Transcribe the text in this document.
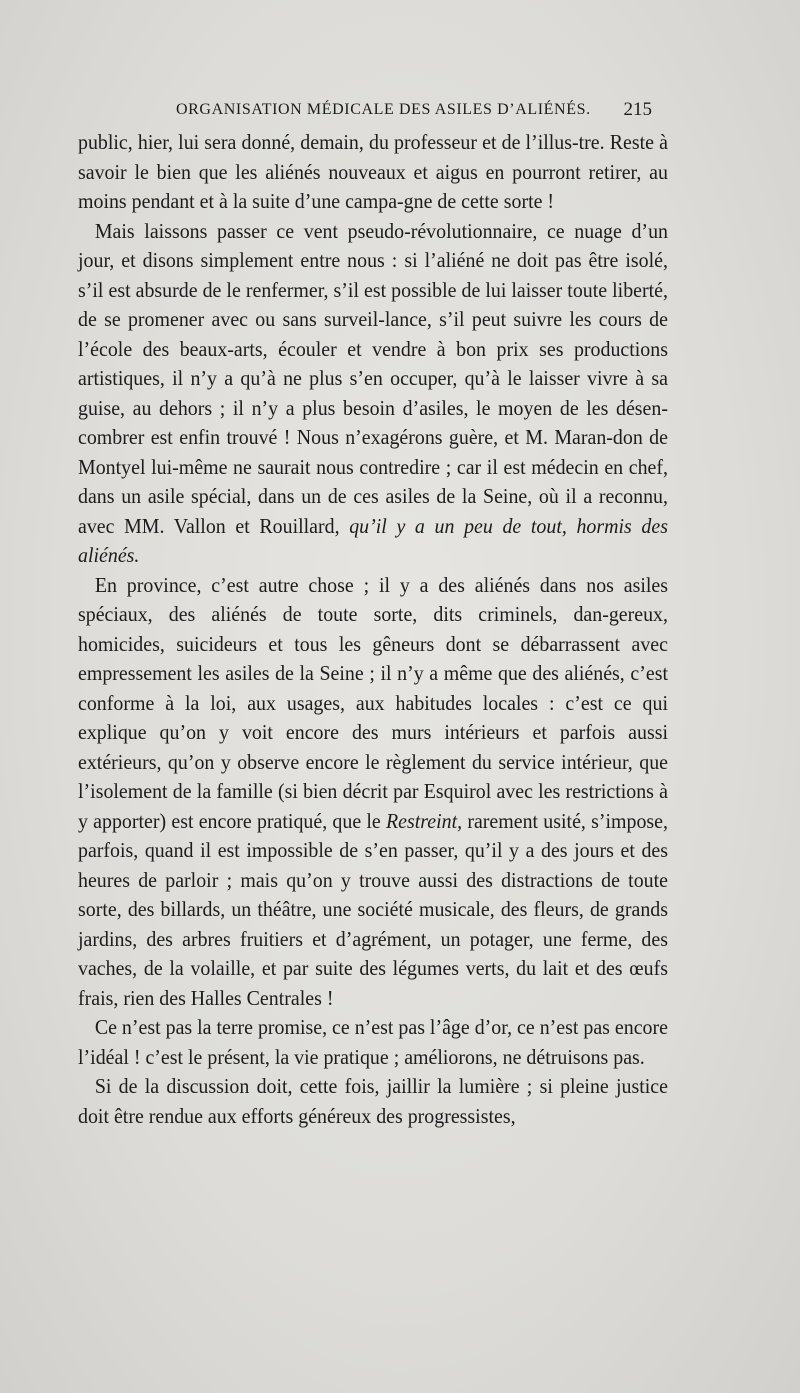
ORGANISATION MÉDICALE DES ASILES D’ALIÉNÉS. 215

public, hier, lui sera donné, demain, du professeur et de l’illus-tre. Reste à savoir le bien que les aliénés nouveaux et aigus en pourront retirer, au moins pendant et à la suite d’une campa-gne de cette sorte !

Mais laissons passer ce vent pseudo-révolutionnaire, ce nuage d’un jour, et disons simplement entre nous : si l’aliéné ne doit pas être isolé, s’il est absurde de le renfermer, s’il est possible de lui laisser toute liberté, de se promener avec ou sans surveil-lance, s’il peut suivre les cours de l’école des beaux-arts, écouler et vendre à bon prix ses productions artistiques, il n’y a qu’à ne plus s’en occuper, qu’à le laisser vivre à sa guise, au dehors ; il n’y a plus besoin d’asiles, le moyen de les désen-combrer est enfin trouvé ! Nous n’exagérons guère, et M. Maran-don de Montyel lui-même ne saurait nous contredire ; car il est médecin en chef, dans un asile spécial, dans un de ces asiles de la Seine, où il a reconnu, avec MM. Vallon et Rouillard, qu’il y a un peu de tout, hormis des aliénés.

En province, c’est autre chose ; il y a des aliénés dans nos asiles spéciaux, des aliénés de toute sorte, dits criminels, dan-gereux, homicides, suicideurs et tous les gêneurs dont se débarrassent avec empressement les asiles de la Seine ; il n’y a même que des aliénés, c’est conforme à la loi, aux usages, aux habitudes locales : c’est ce qui explique qu’on y voit encore des murs intérieurs et parfois aussi extérieurs, qu’on y observe encore le règlement du service intérieur, que l’isolement de la famille (si bien décrit par Esquirol avec les restrictions à y apporter) est encore pratiqué, que le Restreint, rarement usité, s’impose, parfois, quand il est impossible de s’en passer, qu’il y a des jours et des heures de parloir ; mais qu’on y trouve aussi des distractions de toute sorte, des billards, un théâtre, une société musicale, des fleurs, de grands jardins, des arbres fruitiers et d’agrément, un potager, une ferme, des vaches, de la volaille, et par suite des légumes verts, du lait et des œufs frais, rien des Halles Centrales !

Ce n’est pas la terre promise, ce n’est pas l’âge d’or, ce n’est pas encore l’idéal ! c’est le présent, la vie pratique ; améliorons, ne détruisons pas.

Si de la discussion doit, cette fois, jaillir la lumière ; si pleine justice doit être rendue aux efforts généreux des progressistes,
